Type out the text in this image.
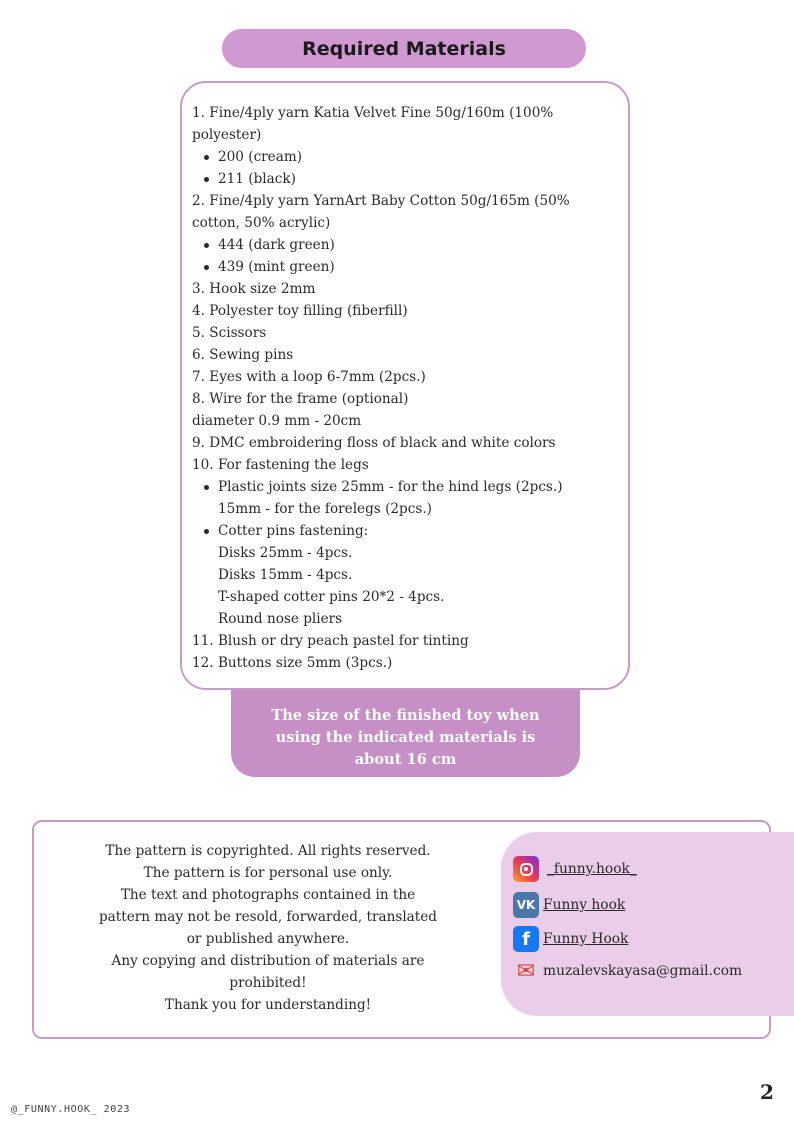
Required Materials
The size of the finished toy when
using the indicated materials is
about 16 cm
1. Fine/4ply yarn Katia Velvet Fine 50g/160m (100%
polyester)
200 (cream)
211 (black)
2. Fine/4ply yarn YarnArt Baby Cotton 50g/165m (50%
cotton, 50% acrylic)
444 (dark green)
439 (mint green)
3. Hook size 2mm
4. Polyester toy filling (fiberfill)
5. Scissors
6. Sewing pins
7. Eyes with a loop 6-7mm (2pcs.)
8. Wire for the frame (optional)
diameter 0.9 mm - 20cm
9. DMC embroidering floss of black and white colors
10. For fastening the legs
Plastic joints size 25mm - for the hind legs (2pcs.)
15mm - for the forelegs (2pcs.)
Cotter pins fastening:
Disks 25mm - 4pcs.
Disks 15mm - 4pcs.
T-shaped cotter pins 20*2 - 4pcs.
Round nose pliers
11. Blush or dry peach pastel for tinting
12. Buttons size 5mm (3pcs.)
The pattern is copyrighted. All rights reserved.
The pattern is for personal use only.
The text and photographs contained in the
pattern may not be resold, forwarded, translated
or published anywhere.
Any copying and distribution of materials are
prohibited!
Thank you for understanding!
_funny.hook_
VK Funny hook
f Funny Hook
✉ muzalevskayasa@gmail.com
@_FUNNY.HOOK_ 2023
2
